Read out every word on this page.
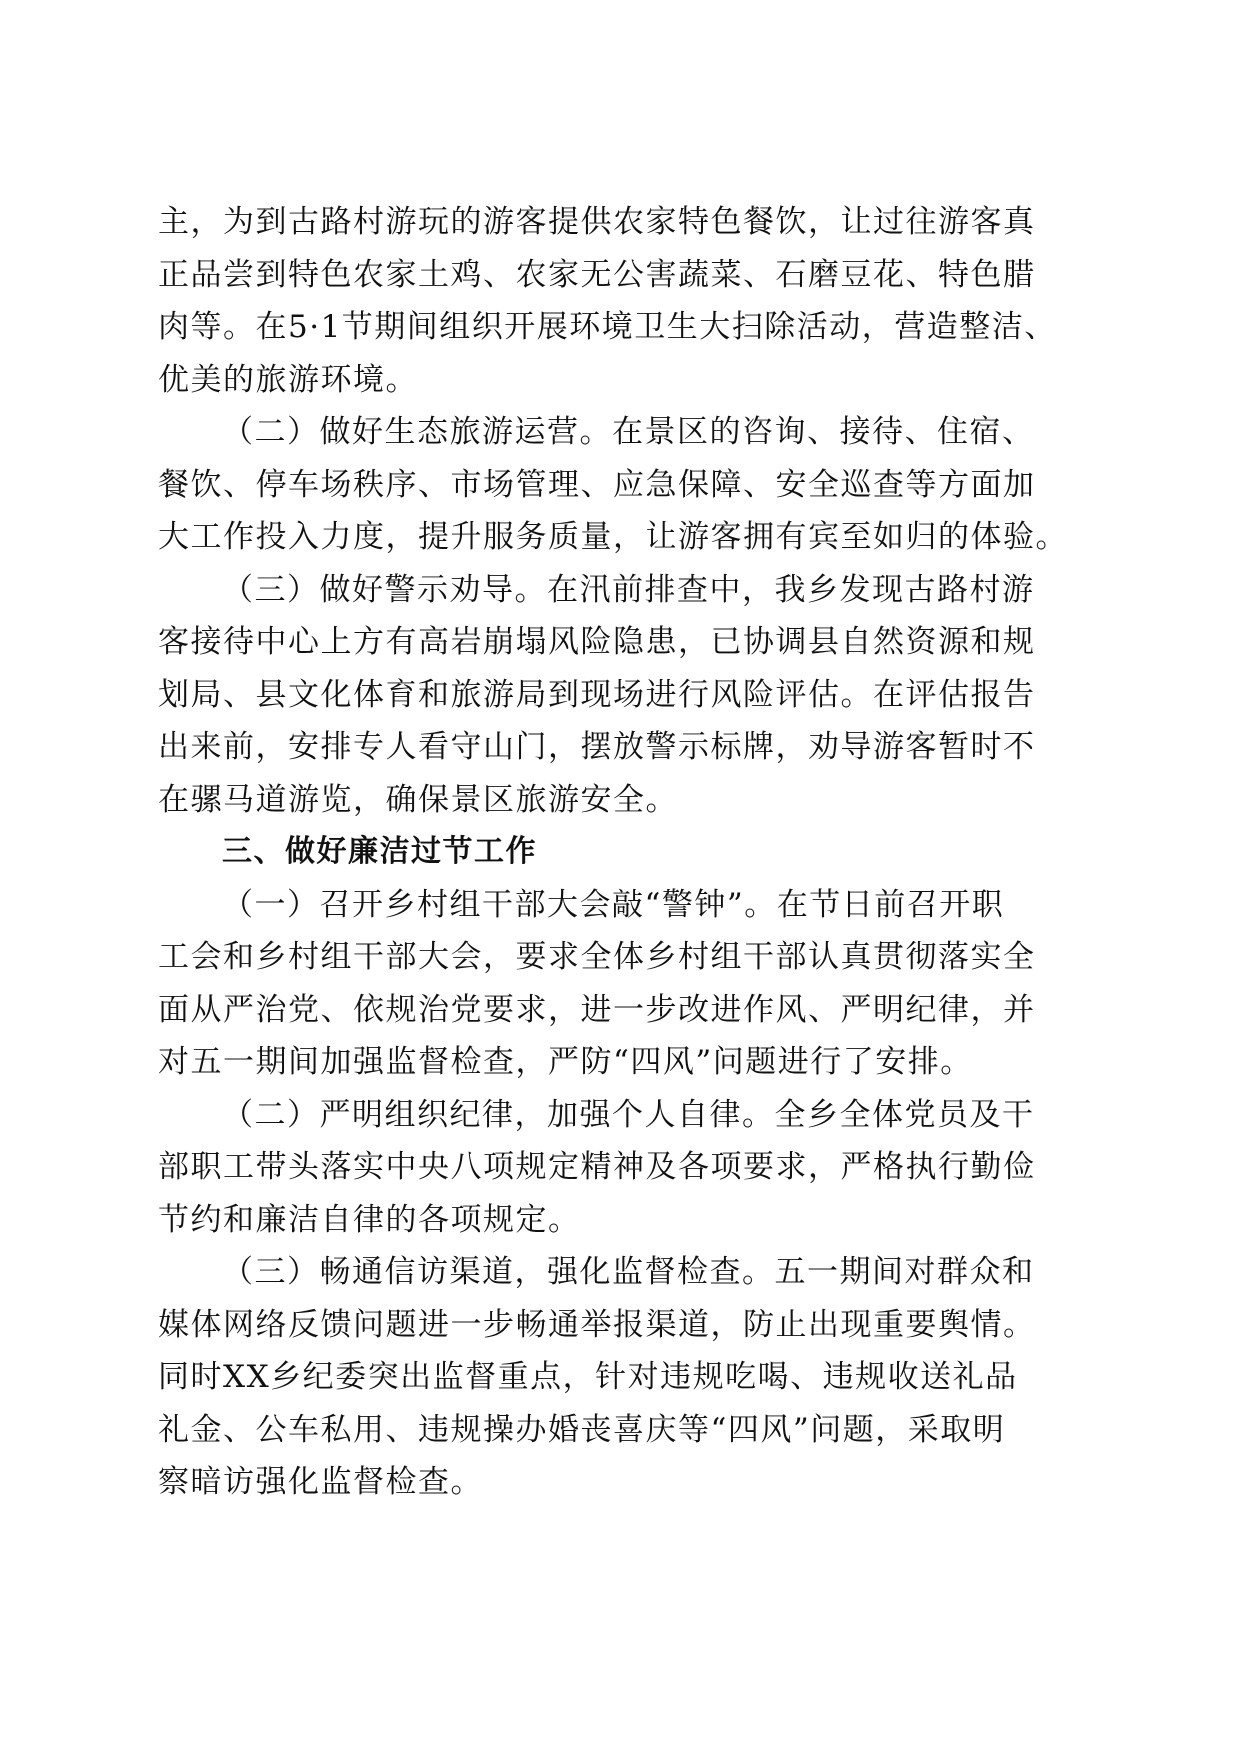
主，为到古路村游玩的游客提供农家特色餐饮，让过往游客真
正品尝到特色农家土鸡、农家无公害蔬菜、石磨豆花、特色腊
肉等。在5·1节期间组织开展环境卫生大扫除活动，营造整洁、
优美的旅游环境。
（二）做好生态旅游运营。在景区的咨询、接待、住宿、
餐饮、停车场秩序、市场管理、应急保障、安全巡查等方面加
大工作投入力度，提升服务质量，让游客拥有宾至如归的体验。
（三）做好警示劝导。在汛前排查中，我乡发现古路村游
客接待中心上方有高岩崩塌风险隐患，已协调县自然资源和规
划局、县文化体育和旅游局到现场进行风险评估。在评估报告
出来前，安排专人看守山门，摆放警示标牌，劝导游客暂时不
在骡马道游览，确保景区旅游安全。
三、做好廉洁过节工作
（一）召开乡村组干部大会敲“警钟”。在节日前召开职
工会和乡村组干部大会，要求全体乡村组干部认真贯彻落实全
面从严治党、依规治党要求，进一步改进作风、严明纪律，并
对五一期间加强监督检查，严防“四风”问题进行了安排。
（二）严明组织纪律，加强个人自律。全乡全体党员及干
部职工带头落实中央八项规定精神及各项要求，严格执行勤俭
节约和廉洁自律的各项规定。
（三）畅通信访渠道，强化监督检查。五一期间对群众和
媒体网络反馈问题进一步畅通举报渠道，防止出现重要舆情。
同时XX乡纪委突出监督重点，针对违规吃喝、违规收送礼品
礼金、公车私用、违规操办婚丧喜庆等“四风”问题，采取明
察暗访强化监督检查。
